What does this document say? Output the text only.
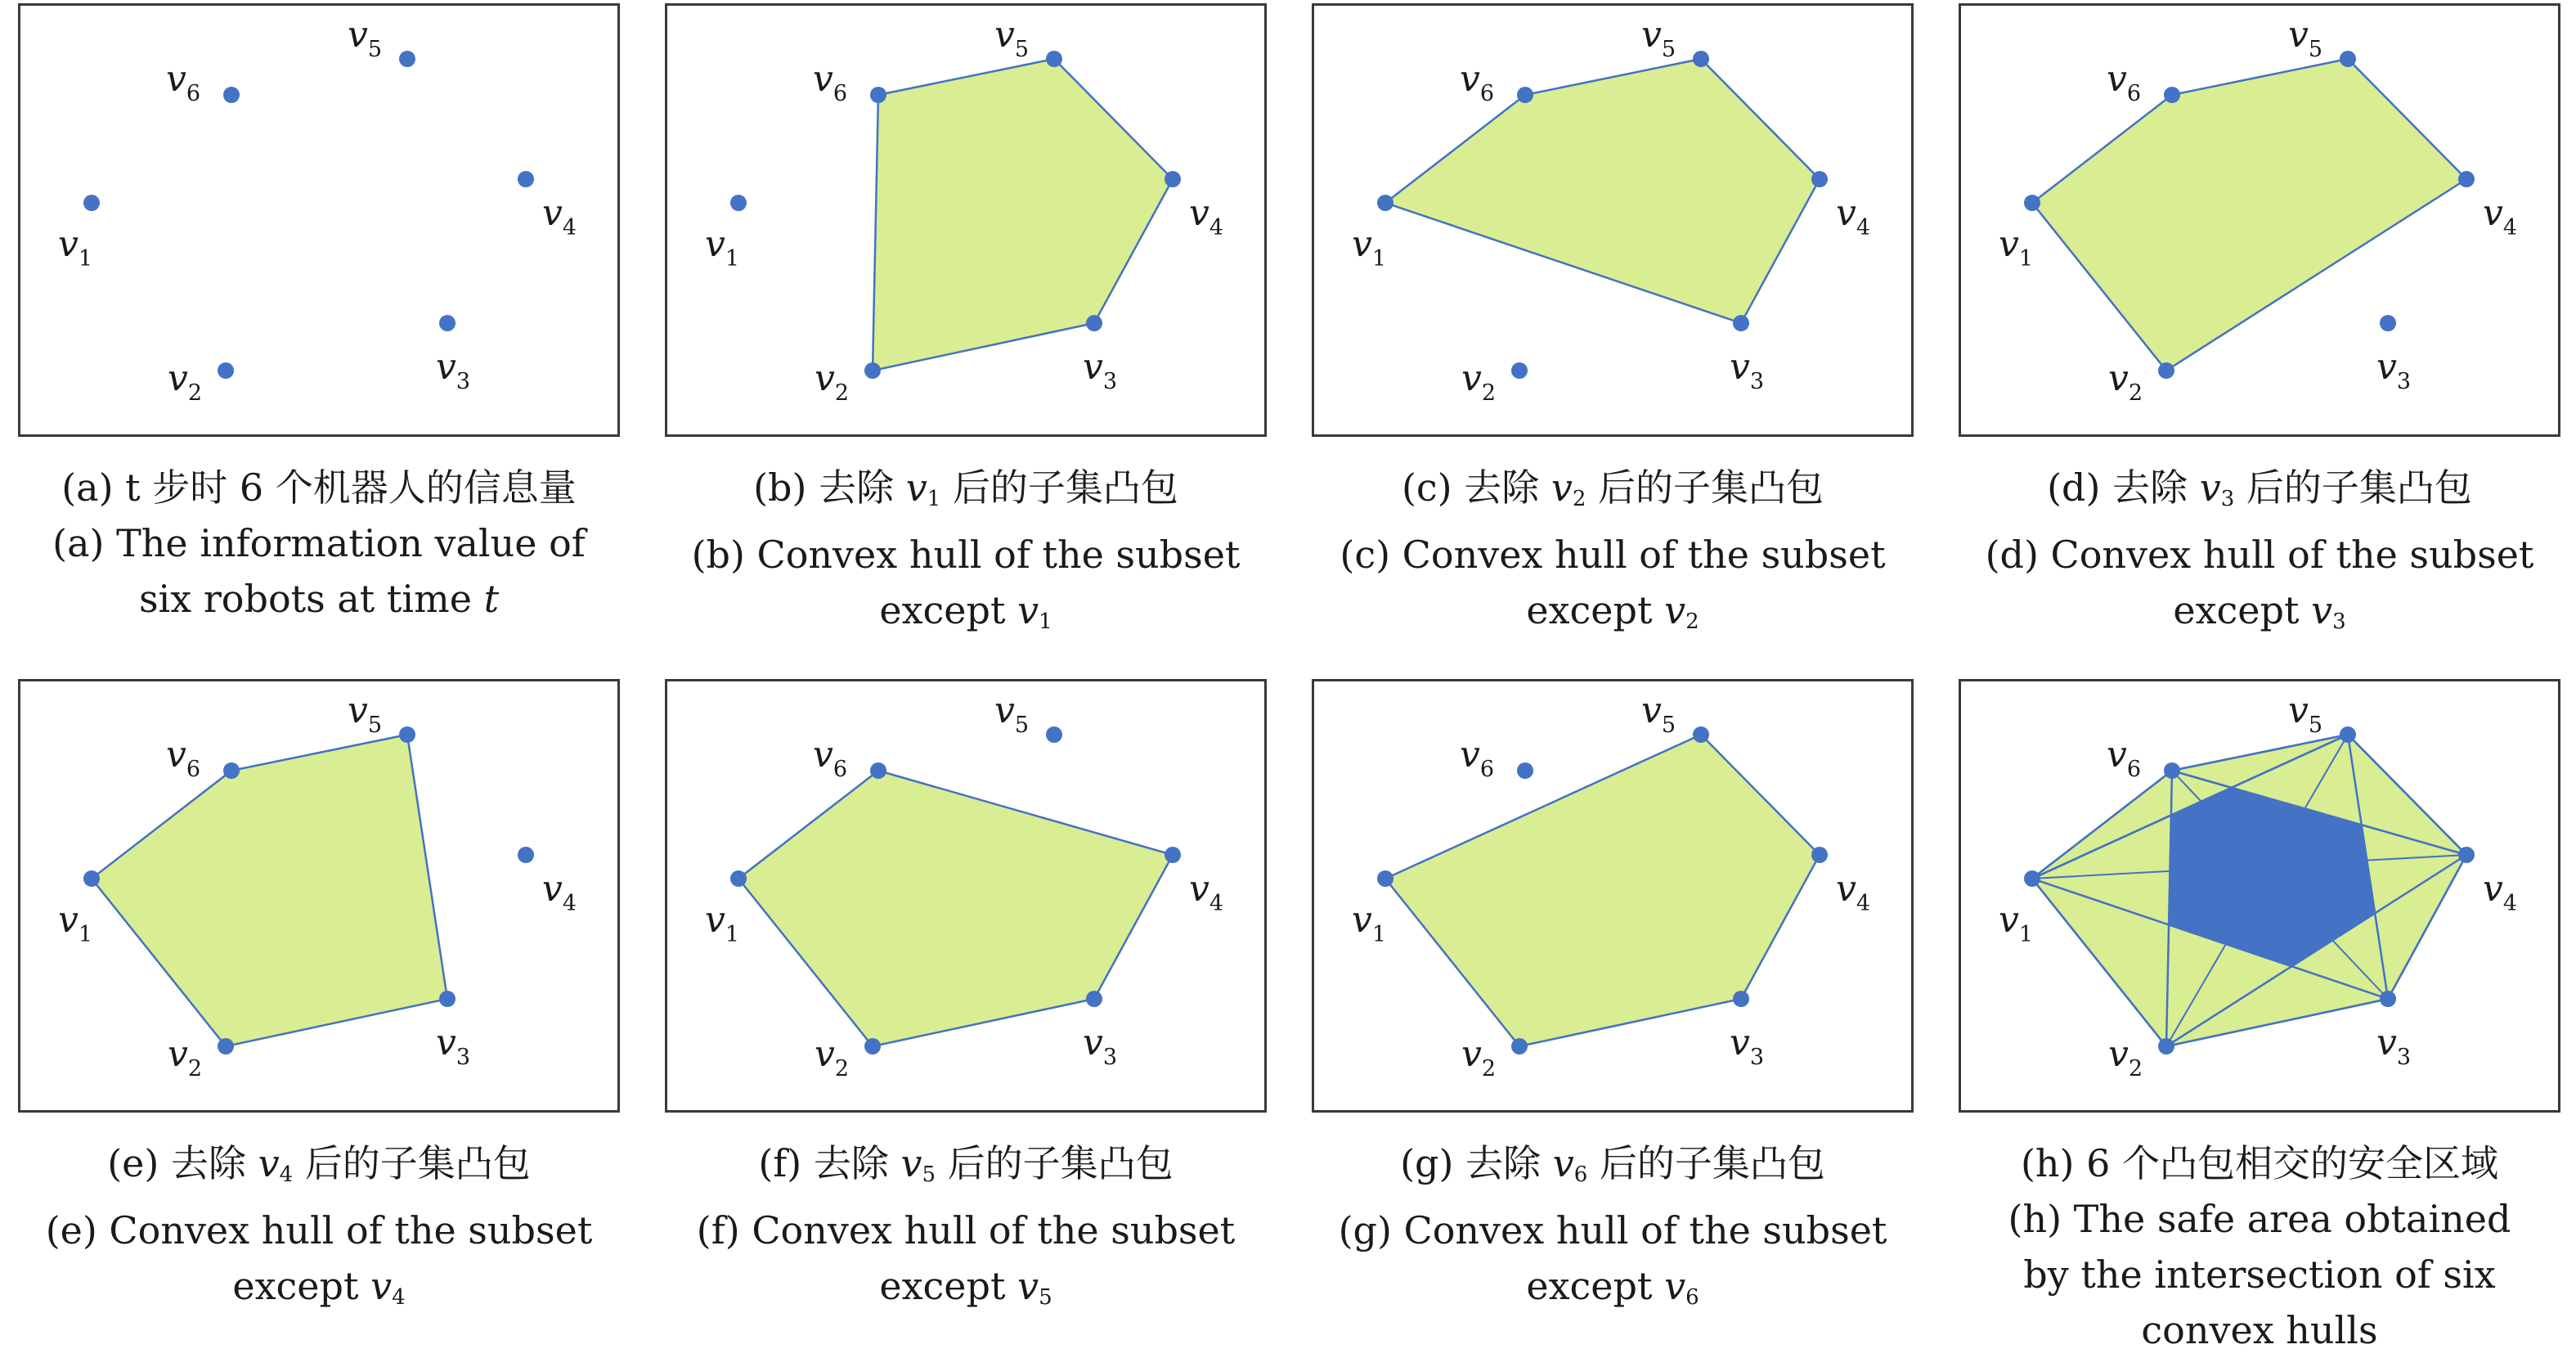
$v_1$
$v_2$
$v_3$
$v_4$
$v_5$
$v_6$
(a) t 步时 6 个机器人的信息量
(a) The information value of
six robots at time t
$v_1$
$v_2$
$v_3$
$v_4$
$v_5$
$v_6$
(b) 去除 $v_1$ 后的子集凸包
(b) Convex hull of the subset
except $v_1$
$v_1$
$v_2$
$v_3$
$v_4$
$v_5$
$v_6$
(c) 去除 $v_2$ 后的子集凸包
(c) Convex hull of the subset
except $v_2$
$v_1$
$v_2$
$v_3$
$v_4$
$v_5$
$v_6$
(d) 去除 $v_3$ 后的子集凸包
(d) Convex hull of the subset
except $v_3$
$v_1$
$v_2$
$v_3$
$v_4$
$v_5$
$v_6$
(e) 去除 $v_4$ 后的子集凸包
(e) Convex hull of the subset
except $v_4$
$v_1$
$v_2$
$v_3$
$v_4$
$v_5$
$v_6$
(f) 去除 $v_5$ 后的子集凸包
(f) Convex hull of the subset
except $v_5$
$v_1$
$v_2$
$v_3$
$v_4$
$v_5$
$v_6$
(g) 去除 $v_6$ 后的子集凸包
(g) Convex hull of the subset
except $v_6$
$v_1$
$v_2$
$v_3$
$v_4$
$v_5$
$v_6$
(h) 6 个凸包相交的安全区域
(h) The safe area obtained
by the intersection of six
convex hulls
